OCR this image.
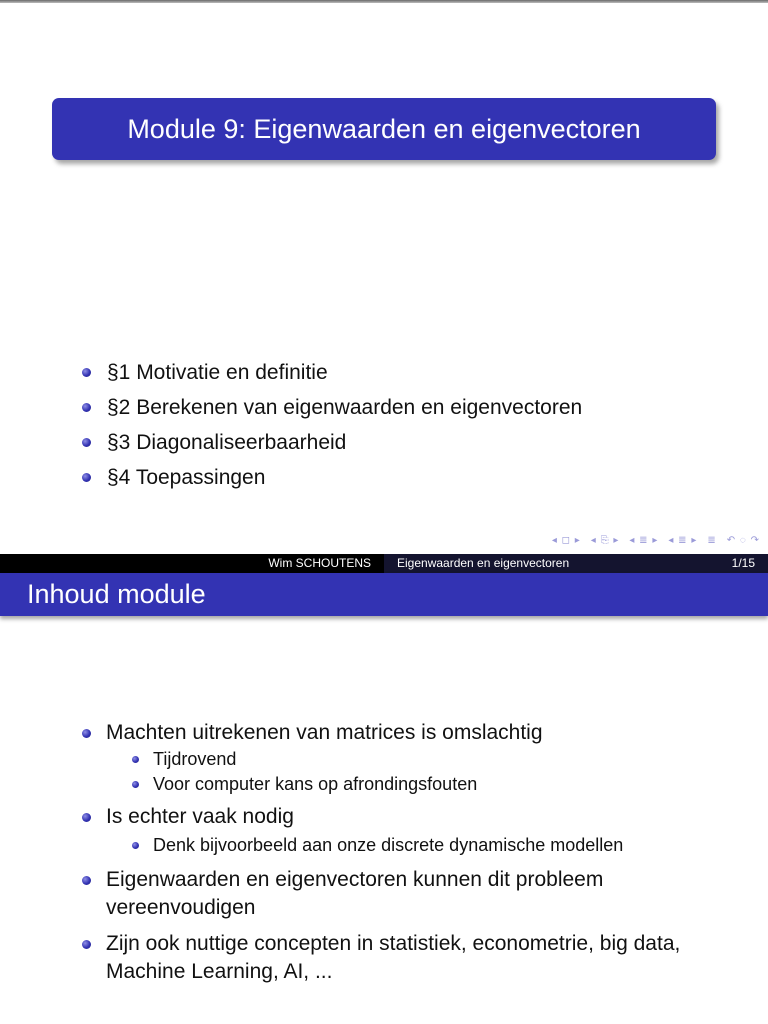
Module 9: Eigenwaarden en eigenvectoren
§1 Motivatie en definitie
§2 Berekenen van eigenwaarden en eigenvectoren
§3 Diagonaliseerbaarheid
§4 Toepassingen
◂ ◻ ▸ ◂ ⎘ ▸ ◂ ≣ ▸ ◂ ≣ ▸ ≣ ↶ ◌ ↷
Wim SCHOUTENS	Eigenwaarden en eigenvectoren	1/15
Inhoud module
Machten uitrekenen van matrices is omslachtig
Tijdrovend
Voor computer kans op afrondingsfouten
Is echter vaak nodig
Denk bijvoorbeeld aan onze discrete dynamische modellen
Eigenwaarden en eigenvectoren kunnen dit probleem vereenvoudigen
Zijn ook nuttige concepten in statistiek, econometrie, big data, Machine Learning, AI, ...
